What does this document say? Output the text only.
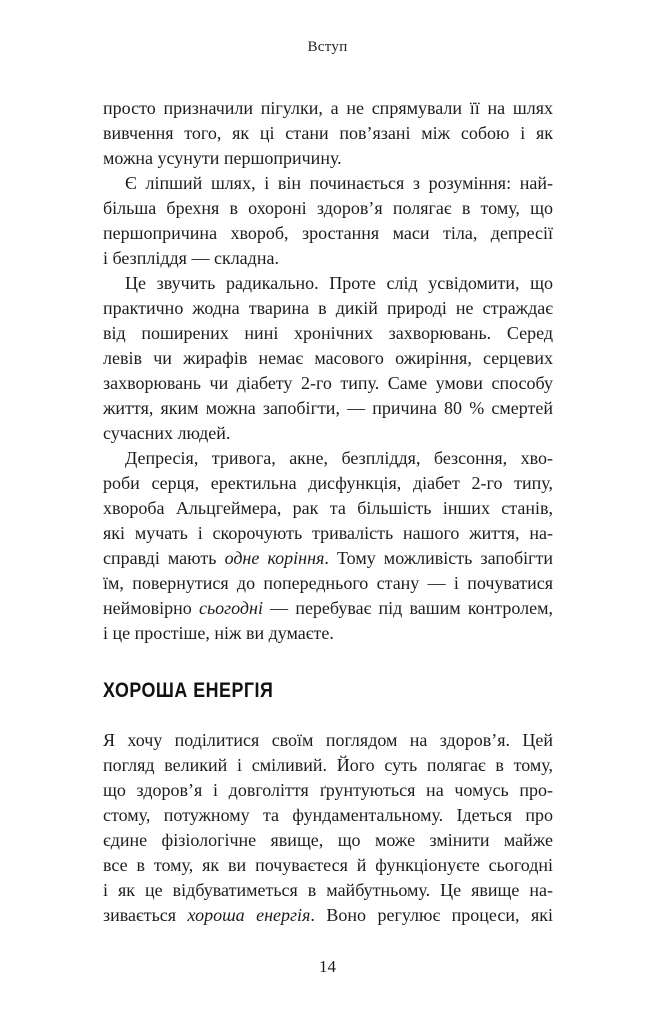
Вступ

просто призначили пігулки, а не спрямували її на шлях
вивчення того, як ці стани пов’язані між собою і як
можна усунути першопричину.

Є ліпший шлях, і він починається з розуміння: най-
більша брехня в охороні здоров’я полягає в тому, що
першопричина хвороб, зростання маси тіла, депресії
і безпліддя — складна.

Це звучить радикально. Проте слід усвідомити, що
практично жодна тварина в дикій природі не страждає
від поширених нині хронічних захворювань. Серед
левів чи жирафів немає масового ожиріння, серцевих
захворювань чи діабету 2-го типу. Саме умови способу
життя, яким можна запобігти, — причина 80 % смертей
сучасних людей.

Депресія, тривога, акне, безпліддя, безсоння, хво-
роби серця, еректильна дисфункція, діабет 2-го типу,
хвороба Альцгеймера, рак та більшість інших станів,
які мучать і скорочують тривалість нашого життя, на-
справді мають одне коріння. Тому можливість запобігти
їм, повернутися до попереднього стану — і почуватися
неймовірно сьогодні — перебуває під вашим контролем,
і це простіше, ніж ви думаєте.

ХОРОША ЕНЕРГІЯ

Я хочу поділитися своїм поглядом на здоров’я. Цей
погляд великий і сміливий. Його суть полягає в тому,
що здоров’я і довголіття ґрунтуються на чомусь про-
стому, потужному та фундаментальному. Ідеться про
єдине фізіологічне явище, що може змінити майже
все в тому, як ви почуваєтеся й функціонуєте сьогодні
і як це відбуватиметься в майбутньому. Це явище на-
зивається хороша енергія. Воно регулює процеси, які

14
